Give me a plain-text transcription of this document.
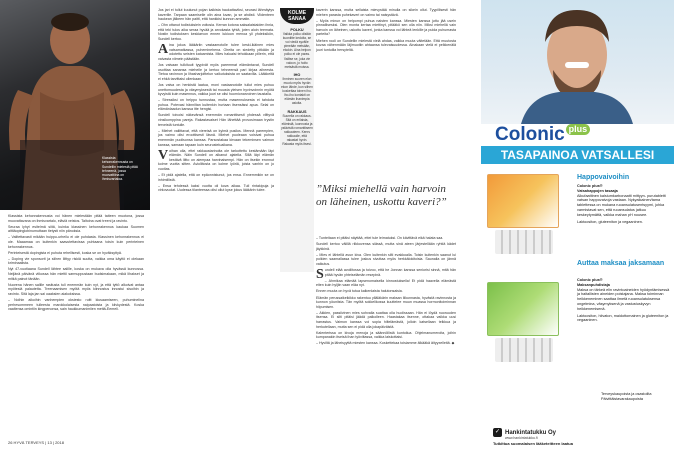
Klassista kehonrakennusta on Sundellin mielestä pitää tehneenä, jossa muovattiina on ihmisvartaloa.

Klassista kehonrakennusta voi hänen mielestään pitää taiteen muotona, jossa muovattavana on ihmisvartalo, eläviä veistos. Taltoina ovat treeni ja ravinto.

Seuraa lyhyt esitelmä siitä, kuinka klassinen kehonrakennus kaukaa Suomen aittiäopinglobinumuttaan tietysti niin pänoksia.

– Valitettavasti mikään huippu-urheilu ei ole puhdasta. Klassinen kehonrakennus ei ole. Maaamaa on kuitenkin saavutettavissa puhtaana toisin kuin perinteinen kehonrakennus.

Perinteisestä dopingista ei puhuta rehellisesti, koska se on hyväksyttyä.

– Doping vie sponsorit ja siihen liittyy riskiä suutta, vaikka oma käyttö ei olekaan kriminaalista.

Nyt 47-vuotiaana Sundell lähtee salille, koska on mukava olla hyvässä kunnossa. Neljänä päivänä viikossa hän miettii sarmuppustaan budsimakaan, mikä lihakset ja mitkä painot tänään.

Nuorena hänen salille rasitusta tuli enemmän kuin nyt, ja että tyttö alkoivat antaa myötesiä palautetta. Treenaamisen myötä myös kiinnostus innostui sisoihin ja ravinto. Sitä laja jan sai oaaksien aiakoksissa.

– Nolhin aikoihin vanhempien oksiesto ruitt kiusaamiseen, puhuminelina perhesommeen tulleesta marokkolaisesta naipaatoista ja kiivkydestä. Koska vaaltensa omintiin kingpenonsa, sain haukkumanimiien mettä-Eemeli.

Jos jari ei tullut kuulunut pojan kaikista haukattaviksi, seurasi lähmäytys kaverille. Tarpaan saamiselle olin aina luvan, ja se ahdisti. Viidenteen haukean jälkeen hän paitti, että hankkisi kunnon ammatin.

– Ohn ottanut todistuksiein voitosia. Kerran kotona saksalaistaiden ihnia, että teki tulos aika seraa hyvää ja arvokasta tyhtä, joten aloin teemata. Nostin todistuksen keskiarvon ennen lukioon menoa yli yhdeksikön, Sundell kertoo.

Aina jokus lääkäriin vastaamotolle tulee keski-ikäinen mies vatsamatkassa, puheminehena. Oireita on siedetty pitkään ja odotettu seisten katoamista. Mies haluaisi tehokkaan pillerin, että vaivasta viimein päästään.

Jos vaivaan tulkituuit tyypivät myös paremmat elämäntavat, Sundell osoittaa sanansa mieheile ja kertoo tehneensä pari kirjaa aiheesta. Tietoa ravinnon ja lihasharjoittelun vaikutuksista on saatavilla. Lääkkeitä ei ehkä tarvittaisi ollenkaan.

Jos vaiva on henkistä laatua, moni vastaanotolle tullut mies puhuu unettomuudesta ja väsymyksestä tai muusta yleisen hyvinvoinnin myötä kyvyistä kuin masennus, vaikka juuri se olisi huomionarvoinen taustalla.

– Stressiksi on helppo tunnustaa, mutta masennuksesta ei tahdota puhua. Potevasi hänniltan kuitenkin hurtaan itsensässi apua. Selai on elämänlaadun kanssa itte hengisi.

Sundell toivoisi näkevänsä enemmän romanttisesti yhdessä vilttyvä vinsikomppina pareja. Rakastavaiset Hän lähettää provosimaan trystin terveistä tuntulle.

– Miehet vailittavat, että viereisä on kylmä pusilos. Mennä parempien, jos vaimo olisi eroottisesti läsnä. Miehet puoleaan voisivat puhua enemmän puolisonsa kanssa. Parsostakaa kirvaan tekeminsen vaimon kanssa, samaan tapaan kuin seurusteluaikana.

Voihan olla, ettei rakkaustarinoita ole tarkottettu kestämään läpi elämän. Näin Sundell on alkanut ajatella. Sillä läpi elämän kestävä liitto on aiempaa harvinaisempi. Hän on itsekin eronnut kolme vuotta sitten. Avioliitosta on kolme lyöriä, joista vanhin on jo vuotias.

– Et pidä ajatella, että on epäonnistunut, jos ensa. Ennemmikin se on inhimillistä.

– Ensa tehdessä kaksi vuotta oli kova aikaa. Tuli rintakipuja ja virkovuolat. Uudessa tilanteessa olisi ollut kyse jokus lääkärin tulee.

KOLME SANAA
POLKU
Vaikka polku olisikin kuoniitte kedolta, se voi viedä syvälle pimeään metsään, ekokin. Aina helpon polku ei ole paras. Valitse se, joka vie valoon, jo hoito metsästä muissa.
IHO
Ihminen suuren elon muutu myös hyvän ekon lähde, kun siihen koskettaa toinen iho. Iho-iho kontakti on elämän ihanimpia asioita.
RAKKAUS
Suurella on rakkaus. Sitä on erilaista, elämistä, luonnosta ja ystävistä romanttiseen rakkauteen. Kenrs rakkaulle, että rakastat hyvin. Rakasta myös itsesi.

kaverin kanssa, mutta sellaista mievystää minulla on sikein ollut. Tyypillisesti hän miehen parasta puhekaveri on vaimo tai naisystävä.

– Myös minun on helpompi puhua naisten kanssa. Miesten kanssa juttu jää usein pinnallisesksi. Olen monta kertaa miettinyt, pitääkö sen olla niin. Miksi miehellä vain harvoin on läheinen, uskottu kaveri, jonka kanssa voi lähteä lenkille ja puida puhumasta parteita?

Miehen rooli on Sundellin mielestä vielä ahdas, vaikka muuta väitetään. Että muutosta kovaa vähenmään läjimuotiin ahtaansa tulevaisuudessa. Ainakaan vielä ei pelkkenälä juuri tuntuilla hersyteltä.

”Miksi miehellä vain harvoin on läheinen, uskottu kaveri?”

– Tunteitaan ei pitäisi näyttää, ettei tule leimatuksi. On kävittävä eikä halata saa.

Sundell kertoo välillä riikkovensa siässä, mutta sinä ateen järjestellään ryhtiä kädet jäykkinä.

– Mies ei lähtellä avun kiva. Olen kuitenkin silti evakkoalla. Toisin kuitenkin saanut lui poikien saamallassa tulee joskus sivuttaa myös herkkälokitoisia. Saunalla on jännä vaikutus.

Sundell elää avoliitossa ja toivoo, että he Jonnan kanssa seniorisi sinnä, mitä hän pitää hyvän yhteiselämän resepinä.

– Ahmikaa elämää lapsenomaisella kinnostuksella! Et pidä haavella elämästä eiten kuin hyljiin vaan eläa nyt.

Ennen muuta on hyvä tutua kaikenlaista halutonsaisia.

Elämän perussaikeikikko rakentuu ylläläkärin maksan liikunnasta, hyvästä ravinnosta ja kunnon yöuniista. Tän myötä sokkelikossa kuuttelee muun muassa hormonitoiminnan hiipumisen.

– Akkien, passiivinen mies sohvalla suattaa olla huolissaan. Hän ei löydä nuoruuden itsensa. Ei silti pitäisi jäädä palkolleen. Haastakaa itsenne, ottakaa vaikka uusi harrastus. Vaimon kanssa voi sopia hiltelämästä, jolloin katsellaan telkkua ja herkutellaan, mutta sen ei pidä olla jokapäiväistä.

Kalenterissa on kivoja menoja ja säännöllistä kuntoilua. Ohjelmanumeroita, joihin kumpanakin itseisä ihan työviitassa, vaikka laiskottaisi.

– Hyviltä ja läheisyyttä miesten kanssa. Koskettekaa toisiamme älkääkä äityyxelleitä. ◆

26 HYVÄ TERVEYS | 13 | 2018
Colonic plus
TASAPAINOA VATSALLESI
Happovaivoihin
Colonic plus®
Vatsahappojen tasaaja
Alkufaattinen kalsiumkarbonaatti mittyyn- purutabletti vatsan happovaivoja vastaan. Nykyaikainen/tama tablettessa on mukana ruoansulatusentsyymi, johka varmistavat sen, että ruoansulatus jatkuu keskeytymättä, vaikka mahan pH nousee.
Laktoositon, gluteeniton ja vegaaninen.
Auttaa maksaa jaksamaan
Colonic plus®
Maksanpuhdistaja
Maksa on tärkeä elin ravintoaineiden hyödyntämisessä ja haitallisten aineiden poistajana. Maksa toiminnan heikkeneminen saattaa ilmetä ruoansulatuksensa ongelmina, väsymyksenä ja vastustuskyvyn heikkenemisenä.
Laktoositon, hiivaton, maidottomainen ja gluteeniton ja vegaaninen.
Terveyskaupoista ja osastoilta Päivittäistavarakaupoista
✓ Hankintatukku Oy
www.hankintatukku.fi
Tutkittua suomalaisen lääketeitteen laatua
